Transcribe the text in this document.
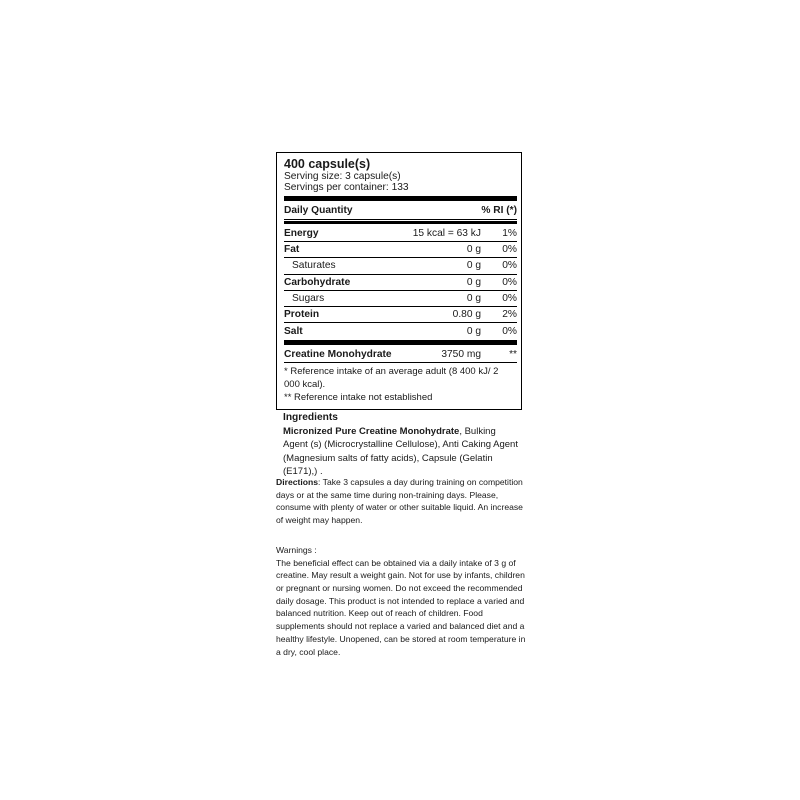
400 capsule(s)
Serving size: 3 capsule(s)
Servings per container: 133
Daily Quantity	% RI (*)
Energy	15 kcal = 63 kJ	1%
Fat	0 g	0%
Saturates	0 g	0%
Carbohydrate	0 g	0%
Sugars	0 g	0%
Protein	0.80 g	2%
Salt	0 g	0%
Creatine Monohydrate	3750 mg	**
* Reference intake of an average adult (8 400 kJ/ 2 000 kcal).
** Reference intake not established
Ingredients
Micronized Pure Creatine Monohydrate, Bulking Agent (s) (Microcrystalline Cellulose), Anti Caking Agent (Magnesium salts of fatty acids), Capsule (Gelatin (E171),) .

Directions: Take 3 capsules a day during training on competition days or at the same time during non-training days. Please, consume with plenty of water or other suitable liquid. An increase of weight may happen.

Warnings :

The beneficial effect can be obtained via a daily intake of 3 g of creatine. May result a weight gain. Not for use by infants, children or pregnant or nursing women. Do not exceed the recommended daily dosage. This product is not intended to replace a varied and balanced nutrition. Keep out of reach of children. Food supplements should not replace a varied and balanced diet and a healthy lifestyle. Unopened, can be stored at room temperature in a dry, cool place.
